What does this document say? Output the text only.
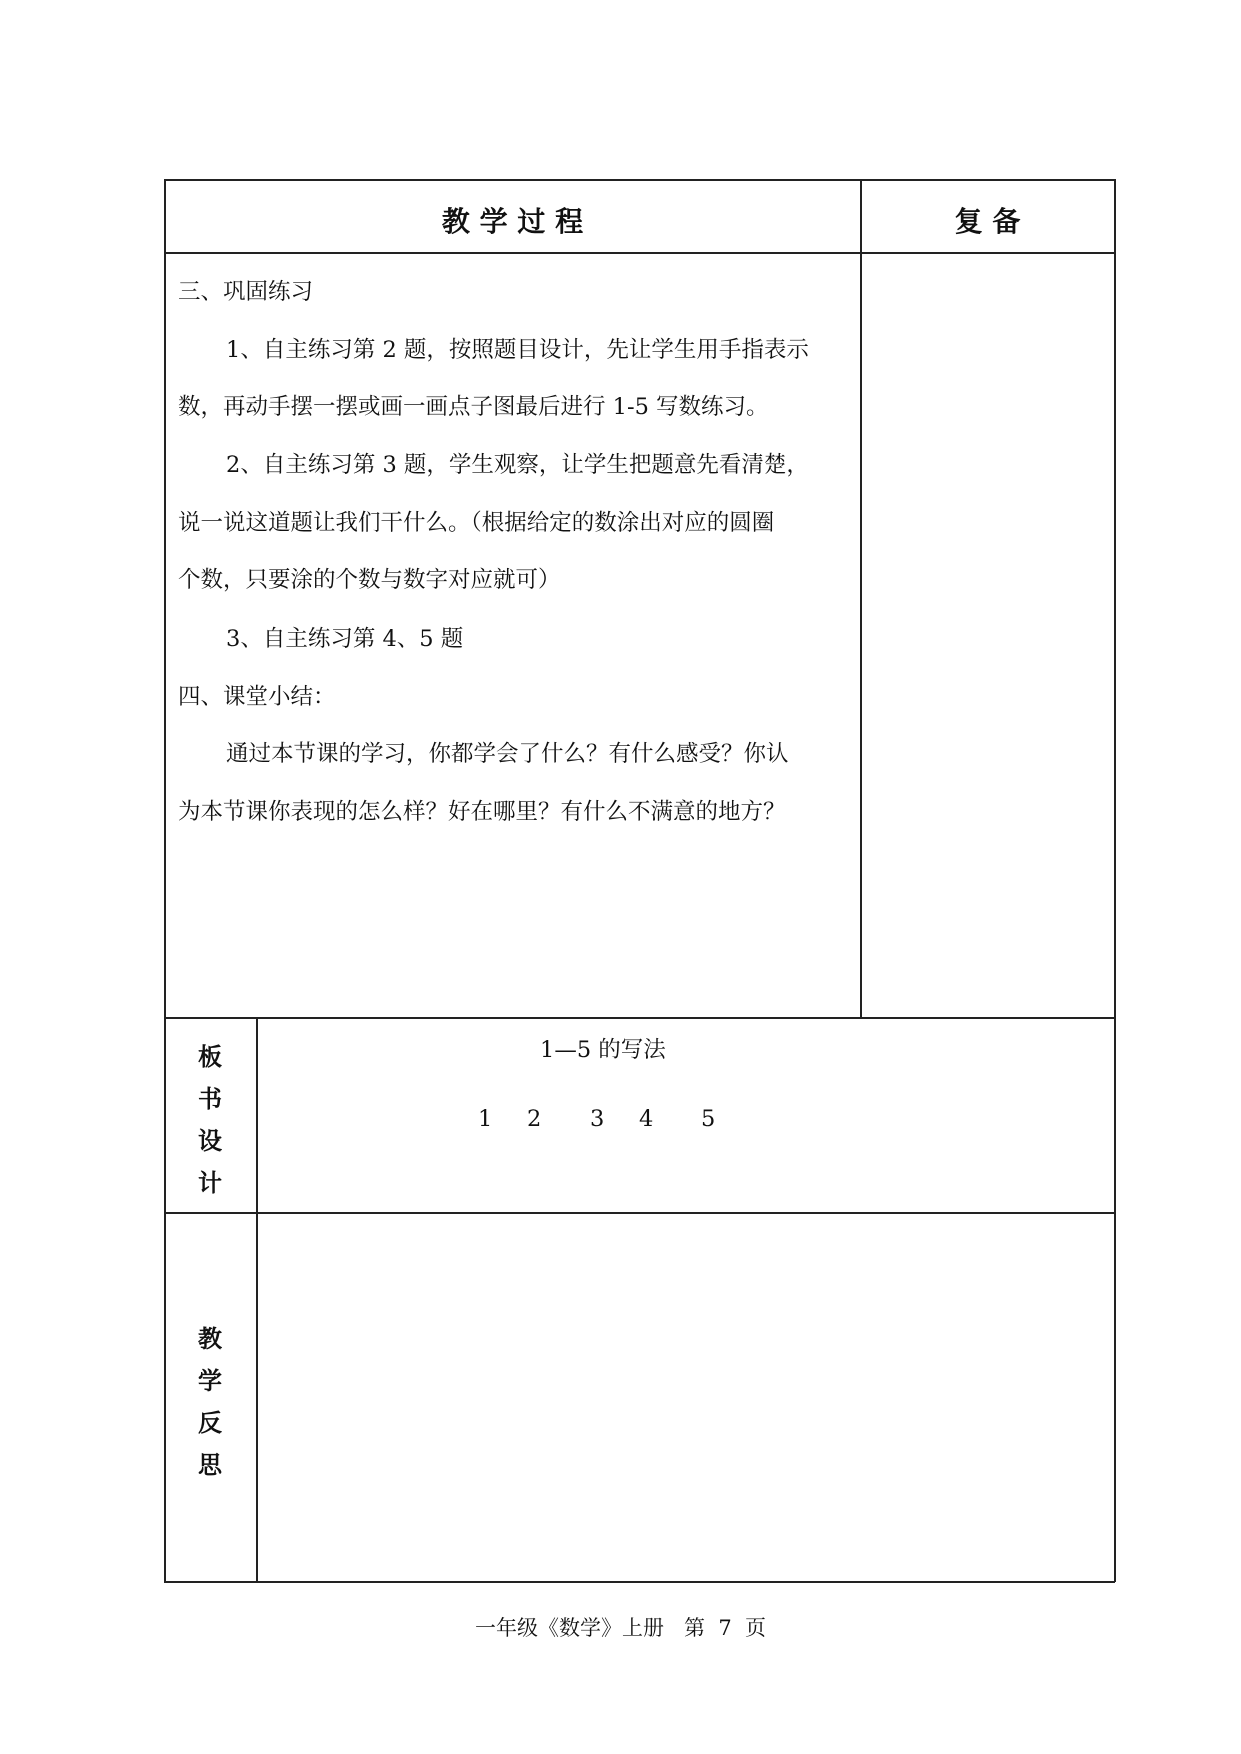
教 学 过 程	复 备
三、巩固练习
1、自主练习第 2 题，按照题目设计，先让学生用手指表示
数，再动手摆一摆或画一画点子图最后进行 1-5 写数练习。
2、自主练习第 3 题，学生观察，让学生把题意先看清楚，
说一说这道题让我们干什么。（根据给定的数涂出对应的圆圈
个数，只要涂的个数与数字对应就可）
3、自主练习第 4、5 题
四、课堂小结：
通过本节课的学习，你都学会了什么？有什么感受？你认
为本节课你表现的怎么样？好在哪里？有什么不满意的地方？
板
书
设
计
1—5 的写法
1 2 3 4 5
教
学
反
思
一年级《数学》上册   第  7  页
